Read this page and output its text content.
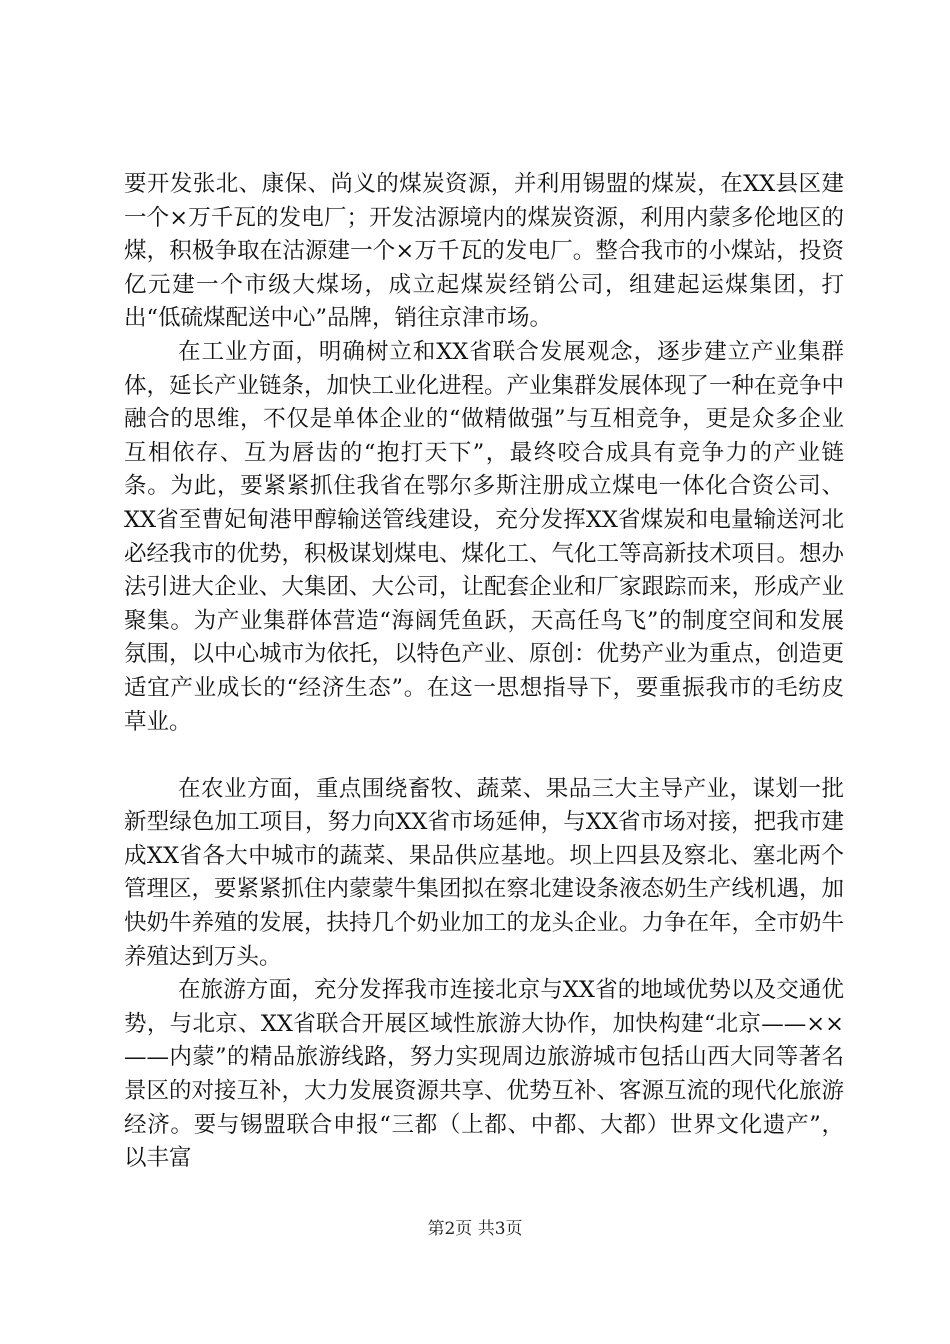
要开发张北、康保、尚义的煤炭资源，并利用锡盟的煤炭，在XX县区建一个×万千瓦的发电厂；开发沽源境内的煤炭资源，利用内蒙多伦地区的煤，积极争取在沽源建一个×万千瓦的发电厂。整合我市的小煤站，投资亿元建一个市级大煤场，成立起煤炭经销公司，组建起运煤集团，打出“低硫煤配送中心”品牌，销往京津市场。

在工业方面，明确树立和XX省联合发展观念，逐步建立产业集群体，延长产业链条，加快工业化进程。产业集群发展体现了一种在竞争中融合的思维，不仅是单体企业的“做精做强”与互相竞争，更是众多企业互相依存、互为唇齿的“抱打天下”，最终咬合成具有竞争力的产业链条。为此，要紧紧抓住我省在鄂尔多斯注册成立煤电一体化合资公司、XX省至曹妃甸港甲醇输送管线建设，充分发挥XX省煤炭和电量输送河北必经我市的优势，积极谋划煤电、煤化工、气化工等高新技术项目。想办法引进大企业、大集团、大公司，让配套企业和厂家跟踪而来，形成产业聚集。为产业集群体营造“海阔凭鱼跃，天高任鸟飞”的制度空间和发展氛围，以中心城市为依托，以特色产业、原创：优势产业为重点，创造更适宜产业成长的“经济生态”。在这一思想指导下，要重振我市的毛纺皮草业。

在农业方面，重点围绕畜牧、蔬菜、果品三大主导产业，谋划一批新型绿色加工项目，努力向XX省市场延伸，与XX省市场对接，把我市建成XX省各大中城市的蔬菜、果品供应基地。坝上四县及察北、塞北两个管理区，要紧紧抓住内蒙蒙牛集团拟在察北建设条液态奶生产线机遇，加快奶牛养殖的发展，扶持几个奶业加工的龙头企业。力争在年，全市奶牛养殖达到万头。

在旅游方面，充分发挥我市连接北京与XX省的地域优势以及交通优势，与北京、XX省联合开展区域性旅游大协作，加快构建“北京——××——内蒙”的精品旅游线路，努力实现周边旅游城市包括山西大同等著名景区的对接互补，大力发展资源共享、优势互补、客源互流的现代化旅游经济。要与锡盟联合申报“三都（上都、中都、大都）世界文化遗产”，以丰富

第2页 共3页
